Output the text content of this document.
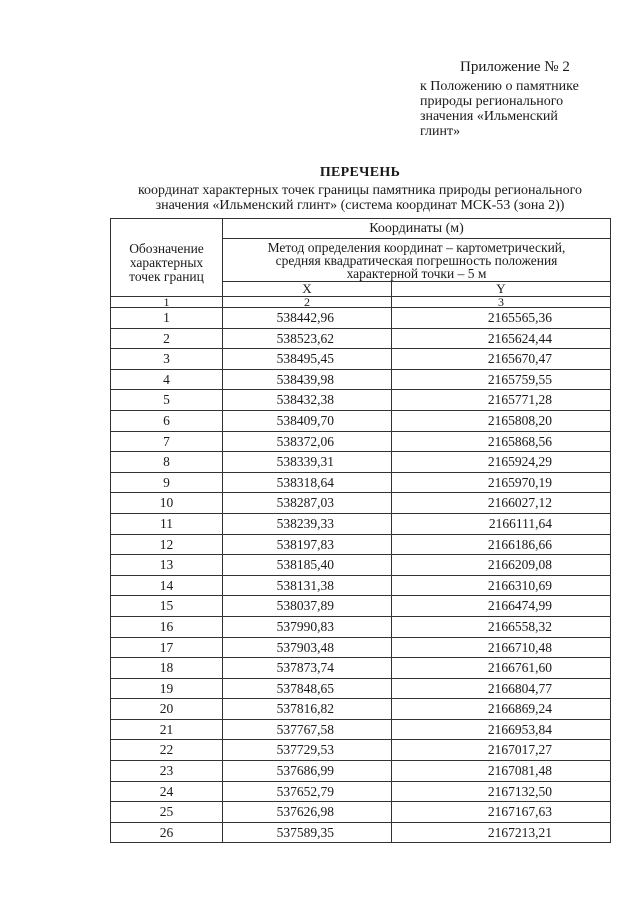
Приложение № 2
к Положению о памятнике
природы регионального
значения «Ильменский
глинт»
ПЕРЕЧЕНЬ
координат характерных точек границы памятника природы регионального
значения «Ильменский глинт» (система координат МСК-53 (зона 2))
Обозначение
характерных
точек границ	Координаты (м)	

	Метод определения координат – картометрический,
средняя квадратическая погрешность положения
характерной точки – 5 м	

	X	Y
1	2	3
1	538442,96	2165565,36
2	538523,62	2165624,44
3	538495,45	2165670,47
4	538439,98	2165759,55
5	538432,38	2165771,28
6	538409,70	2165808,20
7	538372,06	2165868,56
8	538339,31	2165924,29
9	538318,64	2165970,19
10	538287,03	2166027,12
11	538239,33	2166111,64
12	538197,83	2166186,66
13	538185,40	2166209,08
14	538131,38	2166310,69
15	538037,89	2166474,99
16	537990,83	2166558,32
17	537903,48	2166710,48
18	537873,74	2166761,60
19	537848,65	2166804,77
20	537816,82	2166869,24
21	537767,58	2166953,84
22	537729,53	2167017,27
23	537686,99	2167081,48
24	537652,79	2167132,50
25	537626,98	2167167,63
26	537589,35	2167213,21
